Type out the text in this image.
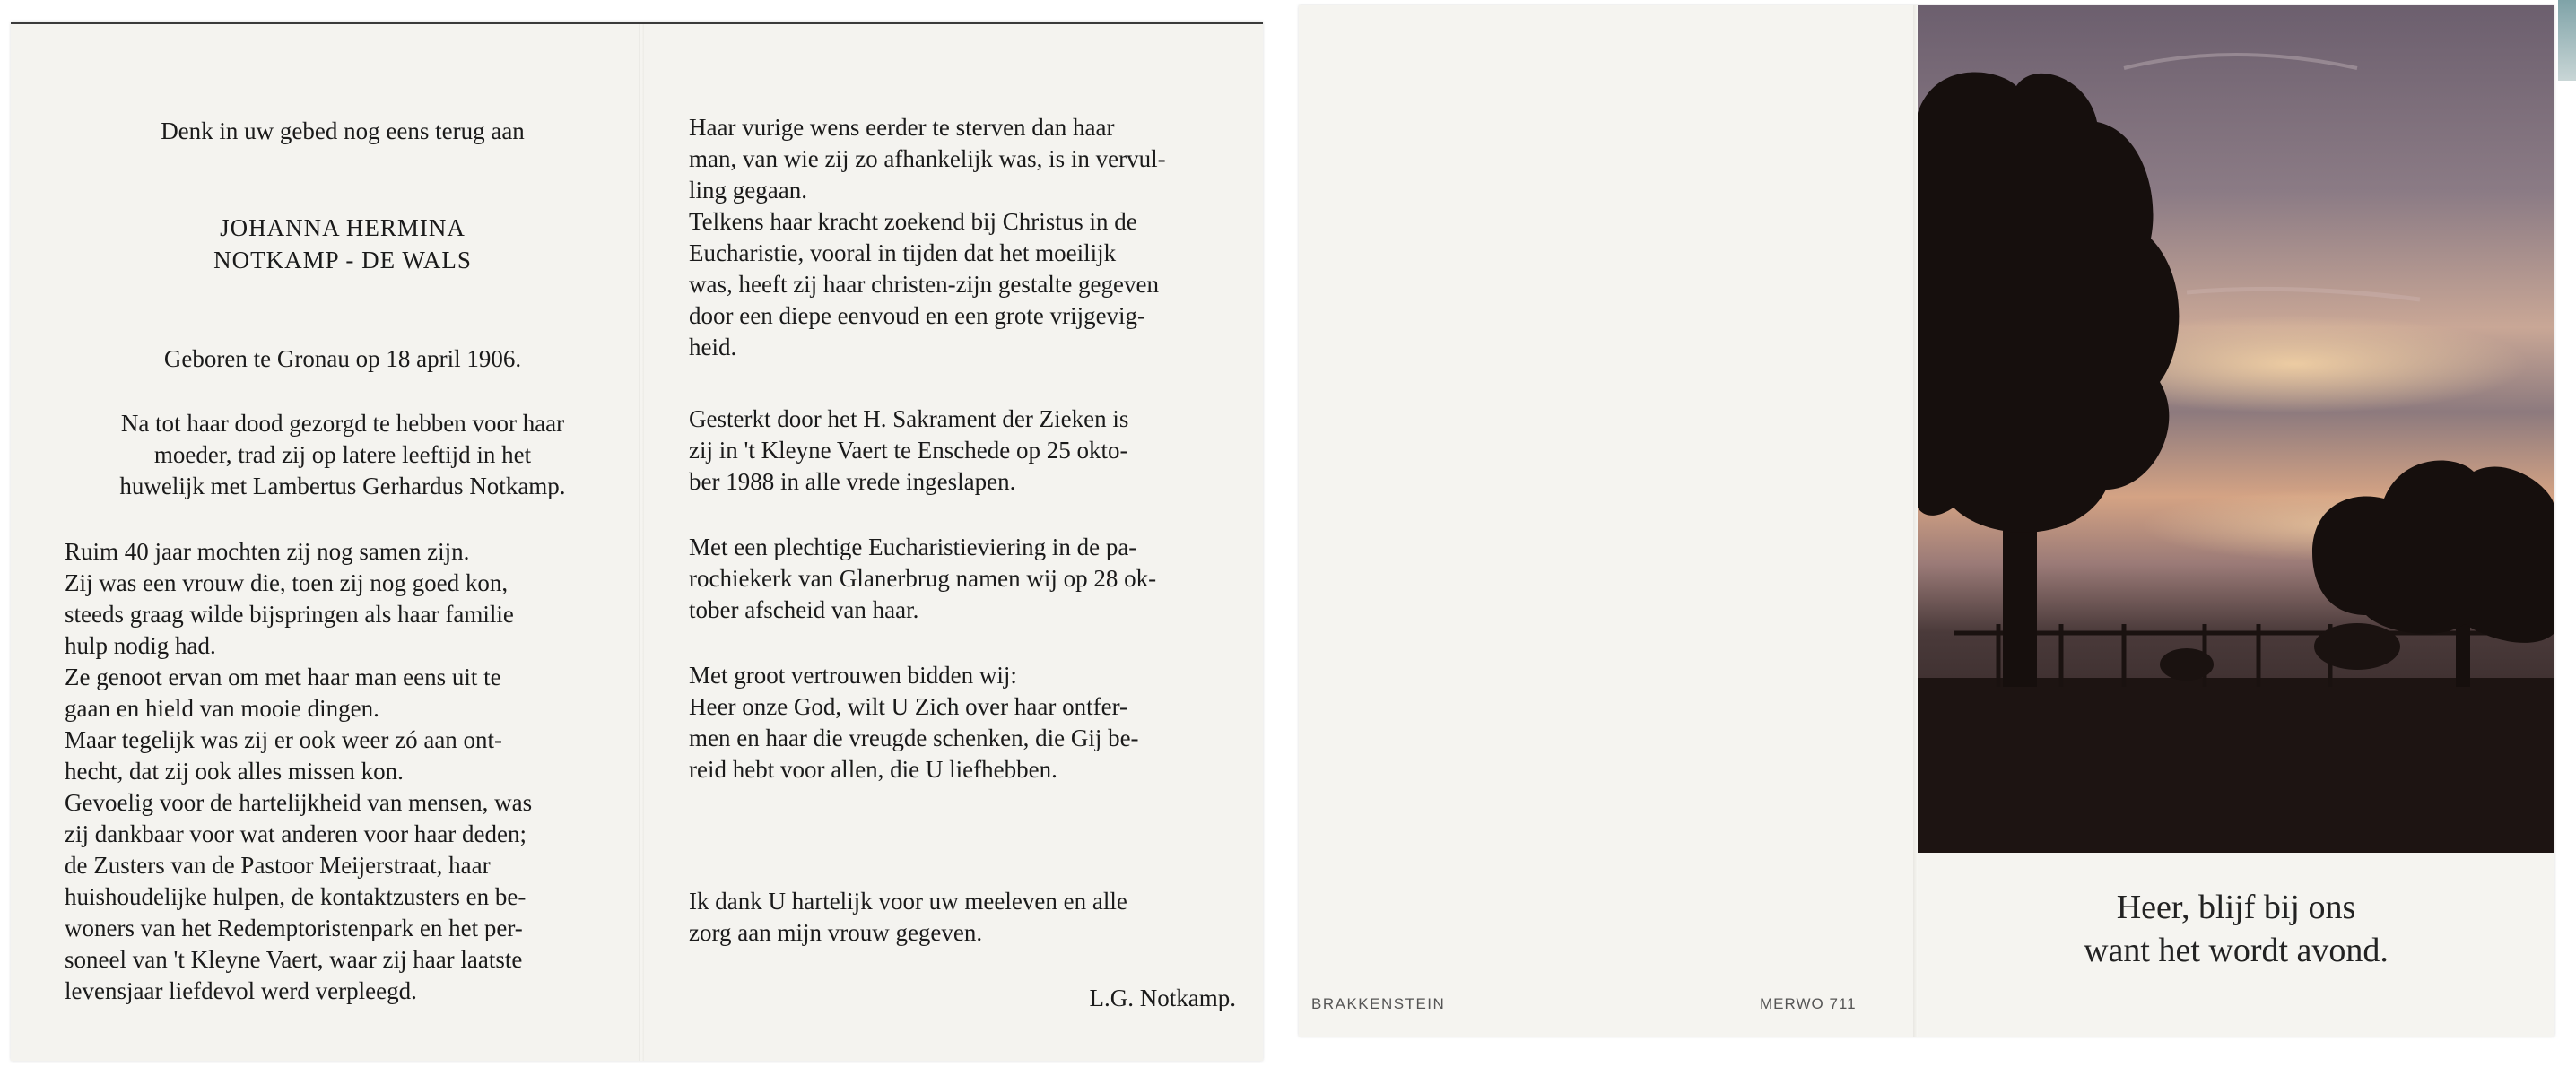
Denk in uw gebed nog eens terug aan
JOHANNA HERMINA
NOTKAMP - DE WALS
Geboren te Gronau op 18 april 1906.

Na tot haar dood gezorgd te hebben voor haar
moeder, trad zij op latere leeftijd in het
huwelijk met Lambertus Gerhardus Notkamp.

Ruim 40 jaar mochten zij nog samen zijn.
Zij was een vrouw die, toen zij nog goed kon,
steeds graag wilde bijspringen als haar familie
hulp nodig had.
Ze genoot ervan om met haar man eens uit te
gaan en hield van mooie dingen.
Maar tegelijk was zij er ook weer zó aan ont-
hecht, dat zij ook alles missen kon.
Gevoelig voor de hartelijkheid van mensen, was
zij dankbaar voor wat anderen voor haar deden;
de Zusters van de Pastoor Meijerstraat, haar
huishoudelijke hulpen, de kontaktzusters en be-
woners van het Redemptoristenpark en het per-
soneel van 't Kleyne Vaert, waar zij haar laatste
levensjaar liefdevol werd verpleegd.

Haar vurige wens eerder te sterven dan haar
man, van wie zij zo afhankelijk was, is in vervul-
ling gegaan.
Telkens haar kracht zoekend bij Christus in de
Eucharistie, vooral in tijden dat het moeilijk
was, heeft zij haar christen-zijn gestalte gegeven
door een diepe eenvoud en een grote vrijgevig-
heid.

Gesterkt door het H. Sakrament der Zieken is
zij in 't Kleyne Vaert te Enschede op 25 okto-
ber 1988 in alle vrede ingeslapen.

Met een plechtige Eucharistieviering in de pa-
rochiekerk van Glanerbrug namen wij op 28 ok-
tober afscheid van haar.

Met groot vertrouwen bidden wij:
Heer onze God, wilt U Zich over haar ontfer-
men en haar die vreugde schenken, die Gij be-
reid hebt voor allen, die U liefhebben.

Ik dank U hartelijk voor uw meeleven en alle
zorg aan mijn vrouw gegeven.

L.G. Notkamp.	BRAKKENSTEIN	MERWO 711
Heer, blijf bij ons
want het wordt avond.
